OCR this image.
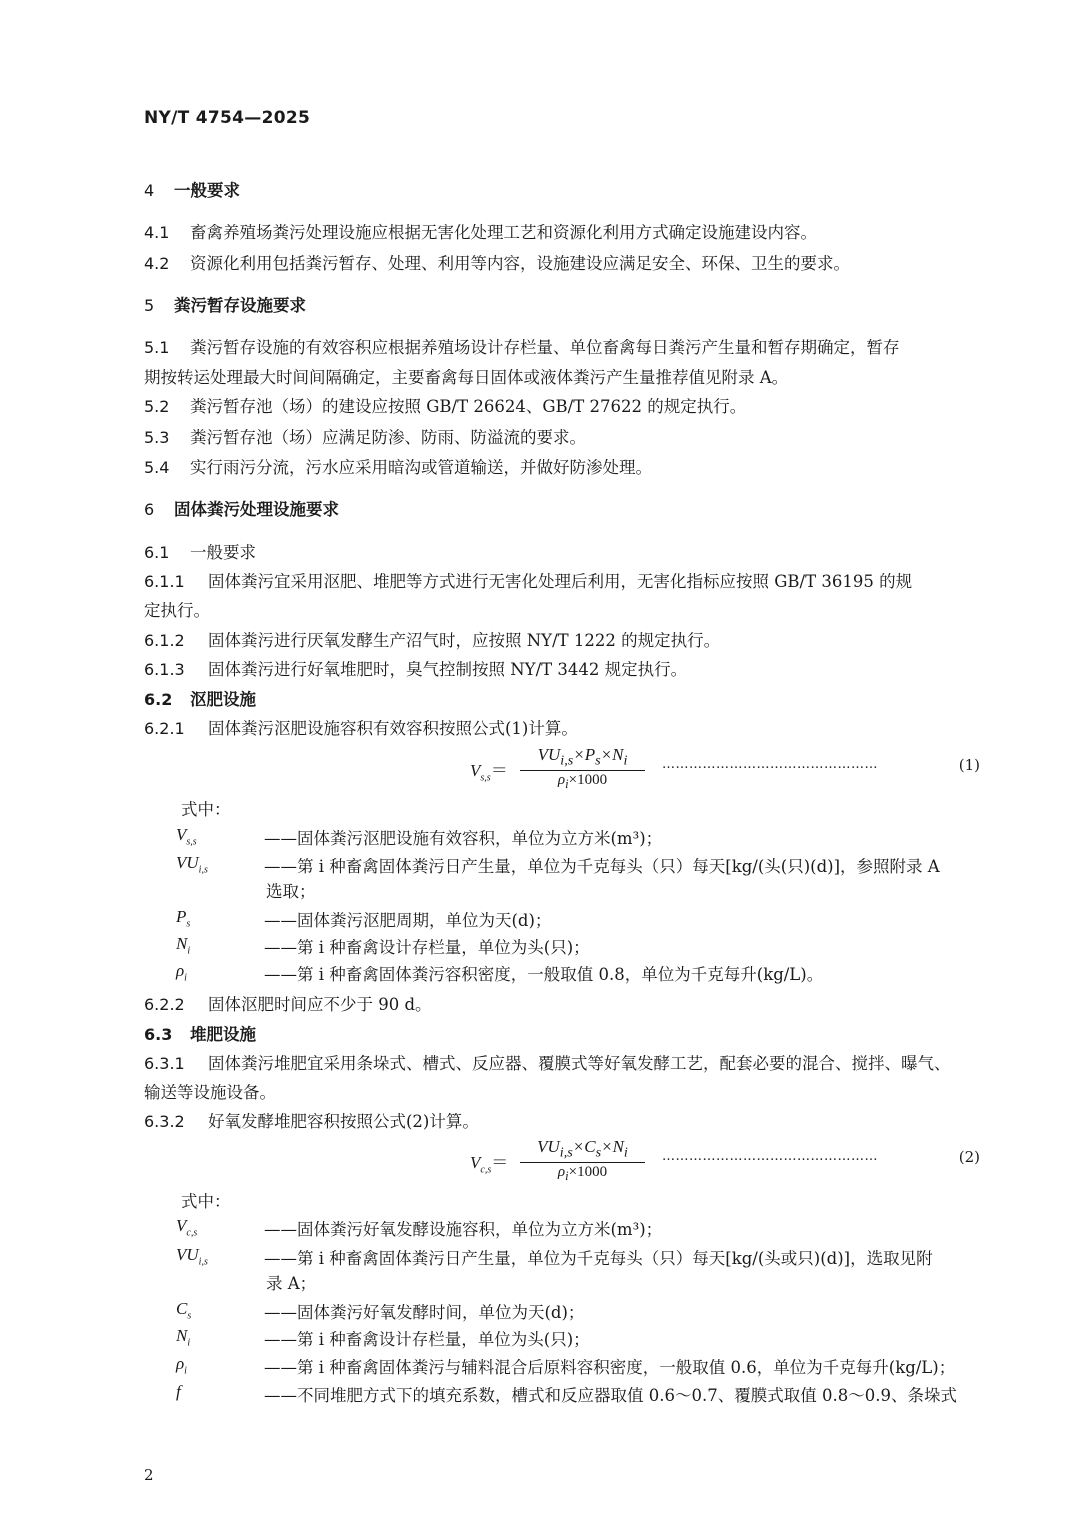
NY/T 4754—2025
4 一般要求
4.1 畜禽养殖场粪污处理设施应根据无害化处理工艺和资源化利用方式确定设施建设内容。
4.2 资源化利用包括粪污暂存、处理、利用等内容，设施建设应满足安全、环保、卫生的要求。
5 粪污暂存设施要求
5.1 粪污暂存设施的有效容积应根据养殖场设计存栏量、单位畜禽每日粪污产生量和暂存期确定，暂存
期按转运处理最大时间间隔确定，主要畜禽每日固体或液体粪污产生量推荐值见附录 A。
5.2 粪污暂存池（场）的建设应按照 GB/T 26624、GB/T 27622 的规定执行。
5.3 粪污暂存池（场）应满足防渗、防雨、防溢流的要求。
5.4 实行雨污分流，污水应采用暗沟或管道输送，并做好防渗处理。
6 固体粪污处理设施要求
6.1 一般要求
6.1.1 固体粪污宜采用沤肥、堆肥等方式进行无害化处理后利用，无害化指标应按照 GB/T 36195 的规
定执行。
6.1.2 固体粪污进行厌氧发酵生产沼气时，应按照 NY/T 1222 的规定执行。
6.1.3 固体粪污进行好氧堆肥时，臭气控制按照 NY/T 3442 规定执行。
6.2 沤肥设施
6.2.1 固体粪污沤肥设施容积有效容积按照公式(1)计算。
$V_{s,s}=$
$VU_{i,s}\times P_s\times N_i$
$\rho_i\times 1000$
…………………………………………	(1)
式中：
$V_{s,s}$	——固体粪污沤肥设施有效容积，单位为立方米(m³)；
$VU_{i,s}$	——第 i 种畜禽固体粪污日产生量，单位为千克每头（只）每天[kg/(头(只)(d)]，参照附录 A
选取；
$P_s$	——固体粪污沤肥周期，单位为天(d)；
$N_i$	——第 i 种畜禽设计存栏量，单位为头(只)；
$\rho_i$	——第 i 种畜禽固体粪污容积密度，一般取值 0.8，单位为千克每升(kg/L)。
6.2.2 固体沤肥时间应不少于 90 d。
6.3 堆肥设施
6.3.1 固体粪污堆肥宜采用条垛式、槽式、反应器、覆膜式等好氧发酵工艺，配套必要的混合、搅拌、曝气、
输送等设施设备。
6.3.2 好氧发酵堆肥容积按照公式(2)计算。
$V_{c,s}=$
$VU_{i,s}\times C_s\times N_i$
$\rho_i\times 1000$
…………………………………………	(2)
式中：
$V_{c,s}$	——固体粪污好氧发酵设施容积，单位为立方米(m³)；
$VU_{i,s}$	——第 i 种畜禽固体粪污日产生量，单位为千克每头（只）每天[kg/(头或只)(d)]，选取见附
录 A；
$C_s$	——固体粪污好氧发酵时间，单位为天(d)；
$N_i$	——第 i 种畜禽设计存栏量，单位为头(只)；
$\rho_i$	——第 i 种畜禽固体粪污与辅料混合后原料容积密度，一般取值 0.6，单位为千克每升(kg/L)；
f	——不同堆肥方式下的填充系数，槽式和反应器取值 0.6～0.7、覆膜式取值 0.8～0.9、条垛式
2
